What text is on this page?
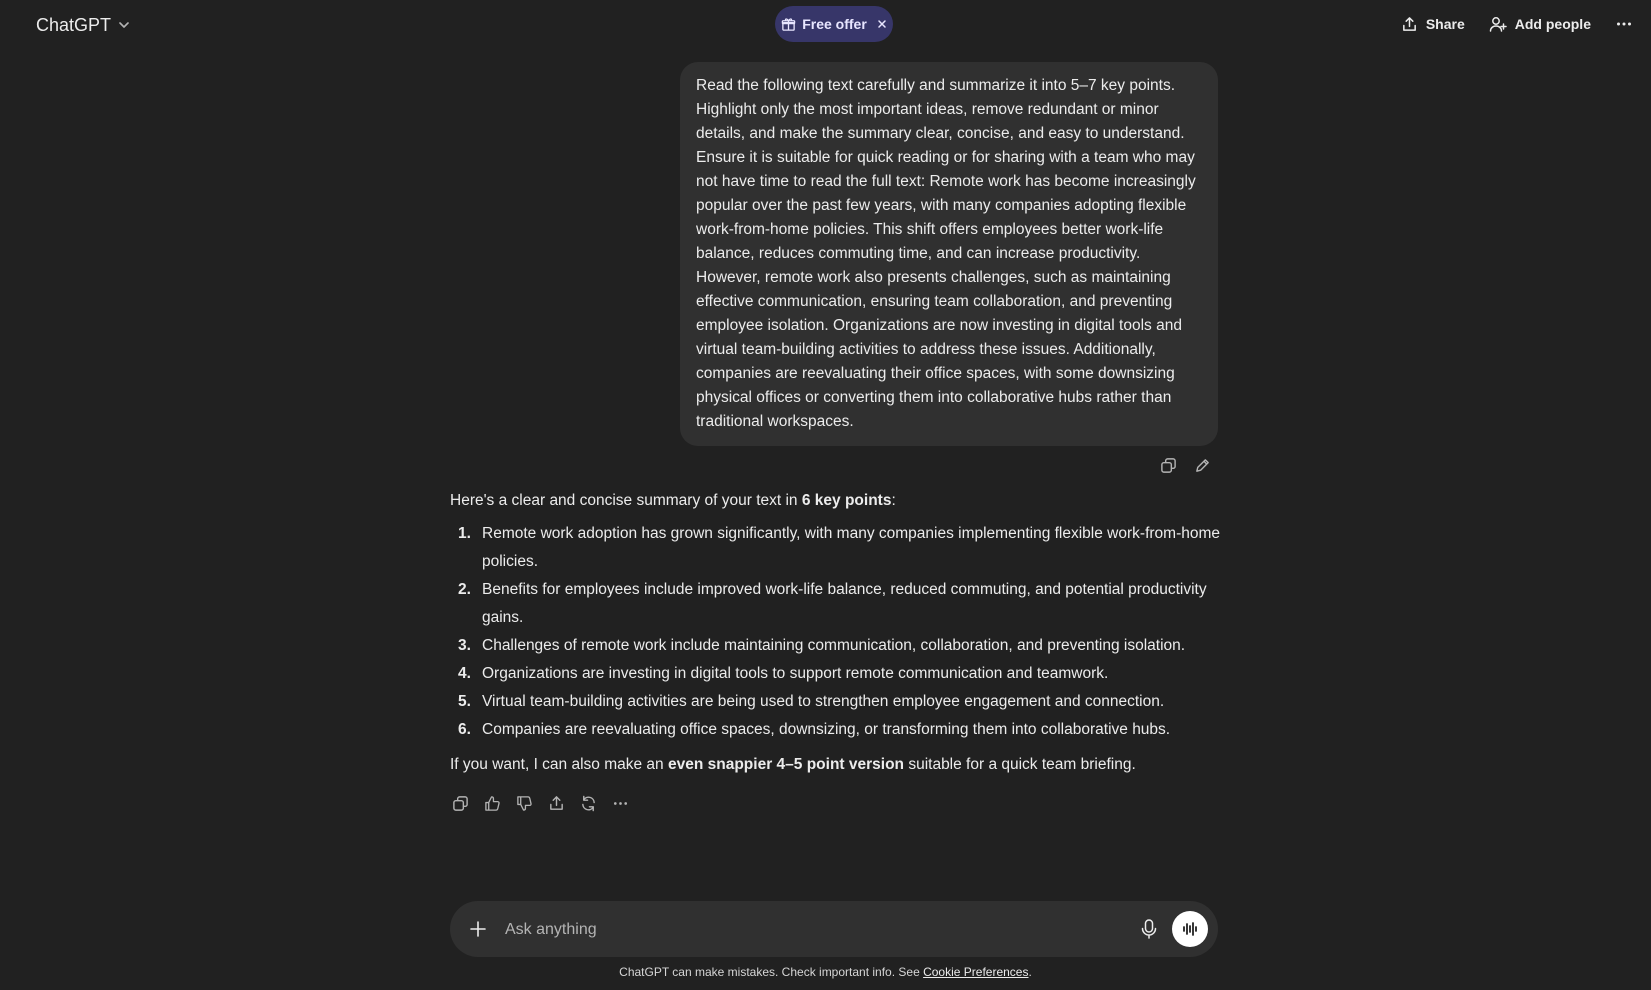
ChatGPT	Free offer	Share	Add people
Read the following text carefully and summarize it into 5–7 key points. Highlight only the most important ideas, remove redundant or minor details, and make the summary clear, concise, and easy to understand. Ensure it is suitable for quick reading or for sharing with a team who may not have time to read the full text: Remote work has become increasingly popular over the past few years, with many companies adopting flexible work-from-home policies. This shift offers employees better work-life balance, reduces commuting time, and can increase productivity. However, remote work also presents challenges, such as maintaining effective communication, ensuring team collaboration, and preventing employee isolation. Organizations are now investing in digital tools and virtual team-building activities to address these issues. Additionally, companies are reevaluating their office spaces, with some downsizing physical offices or converting them into collaborative hubs rather than traditional workspaces.

Here's a clear and concise summary of your text in 6 key points:

1. Remote work adoption has grown significantly, with many companies implementing flexible work-from-home policies.
2. Benefits for employees include improved work-life balance, reduced commuting, and potential productivity gains.
3. Challenges of remote work include maintaining communication, collaboration, and preventing isolation.
4. Organizations are investing in digital tools to support remote communication and teamwork.
5. Virtual team-building activities are being used to strengthen employee engagement and connection.
6. Companies are reevaluating office spaces, downsizing, or transforming them into collaborative hubs.

If you want, I can also make an even snappier 4–5 point version suitable for a quick team briefing.

Ask anything
ChatGPT can make mistakes. Check important info. See Cookie Preferences.
